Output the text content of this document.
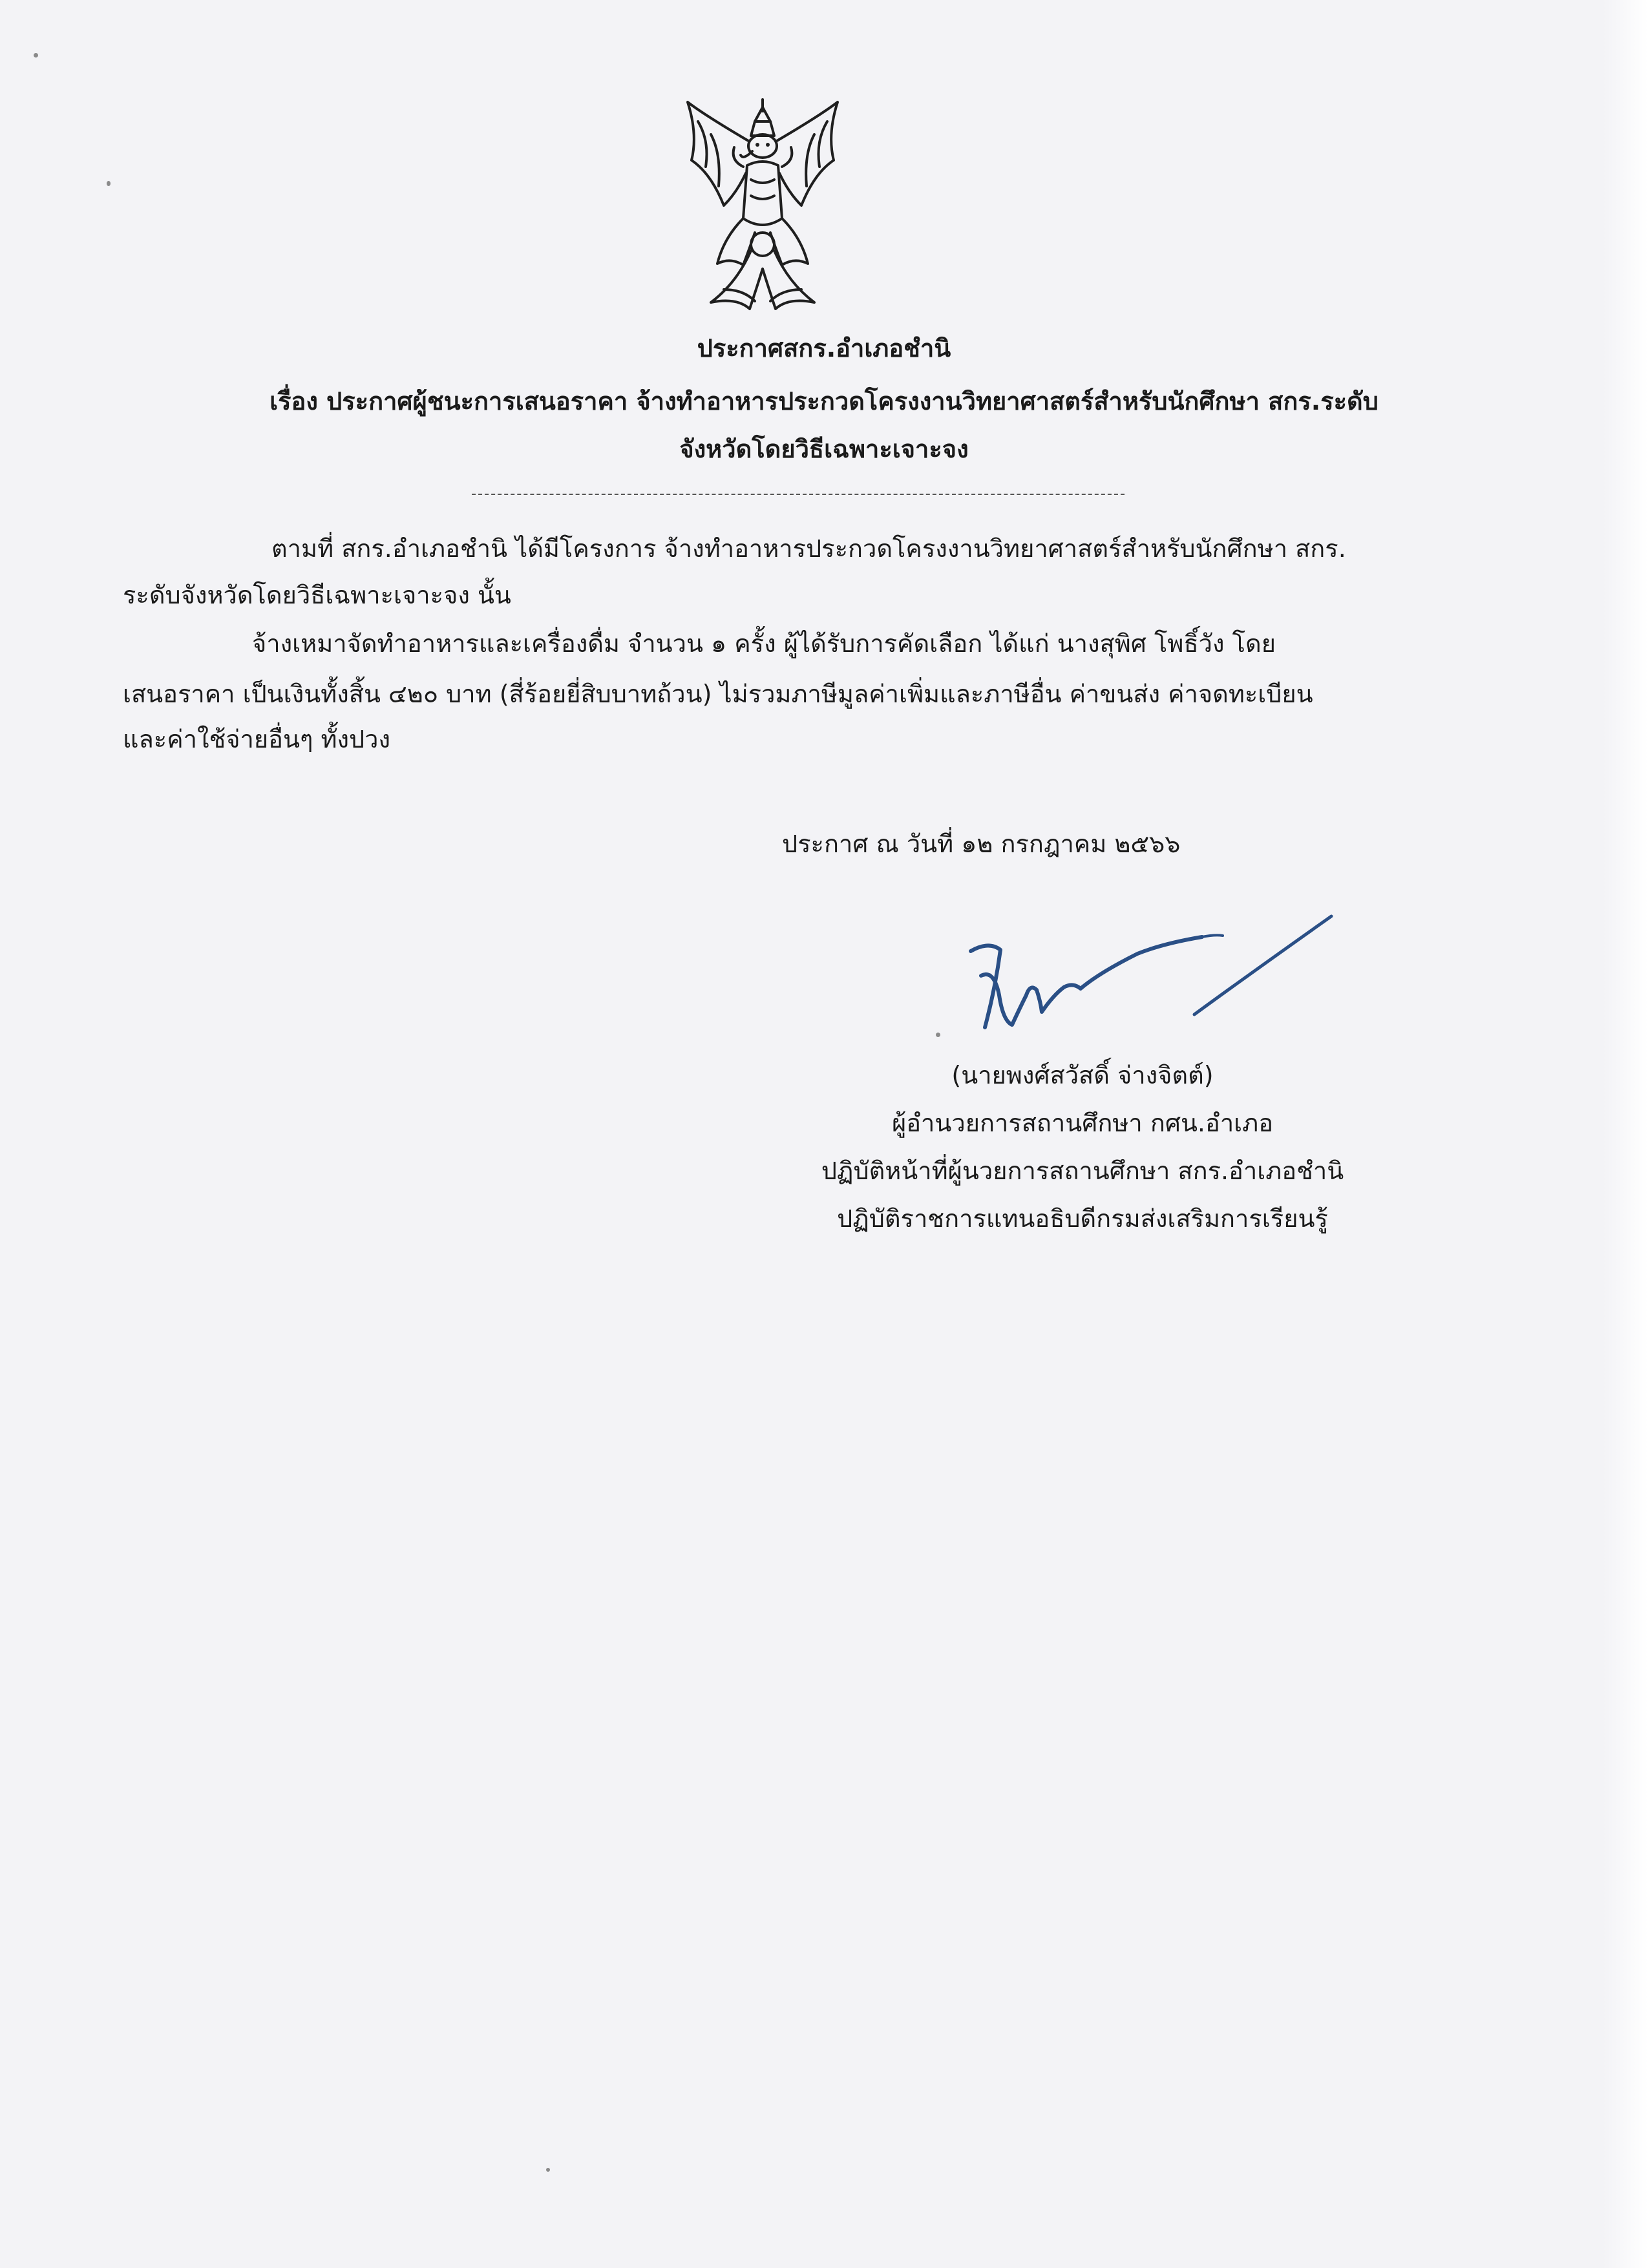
ประกาศสกร.อำเภอชำนิ
เรื่อง ประกาศผู้ชนะการเสนอราคา จ้างทำอาหารประกวดโครงงานวิทยาศาสตร์สำหรับนักศึกษา สกร.ระดับ
จังหวัดโดยวิธีเฉพาะเจาะจง
ตามที่ สกร.อำเภอชำนิ ได้มีโครงการ จ้างทำอาหารประกวดโครงงานวิทยาศาสตร์สำหรับนักศึกษา สกร.
ระดับจังหวัดโดยวิธีเฉพาะเจาะจง นั้น
จ้างเหมาจัดทำอาหารและเครื่องดื่ม จำนวน ๑ ครั้ง ผู้ได้รับการคัดเลือก ได้แก่ นางสุพิศ โพธิ์วัง โดย
เสนอราคา เป็นเงินทั้งสิ้น ๔๒๐ บาท (สี่ร้อยยี่สิบบาทถ้วน) ไม่รวมภาษีมูลค่าเพิ่มและภาษีอื่น ค่าขนส่ง ค่าจดทะเบียน
และค่าใช้จ่ายอื่นๆ ทั้งปวง
ประกาศ ณ วันที่ ๑๒ กรกฎาคม ๒๕๖๖
(นายพงศ์สวัสดิ์ จ่างจิตต์)
ผู้อำนวยการสถานศึกษา กศน.อำเภอ
ปฏิบัติหน้าที่ผู้นวยการสถานศึกษา สกร.อำเภอชำนิ
ปฏิบัติราชการแทนอธิบดีกรมส่งเสริมการเรียนรู้
